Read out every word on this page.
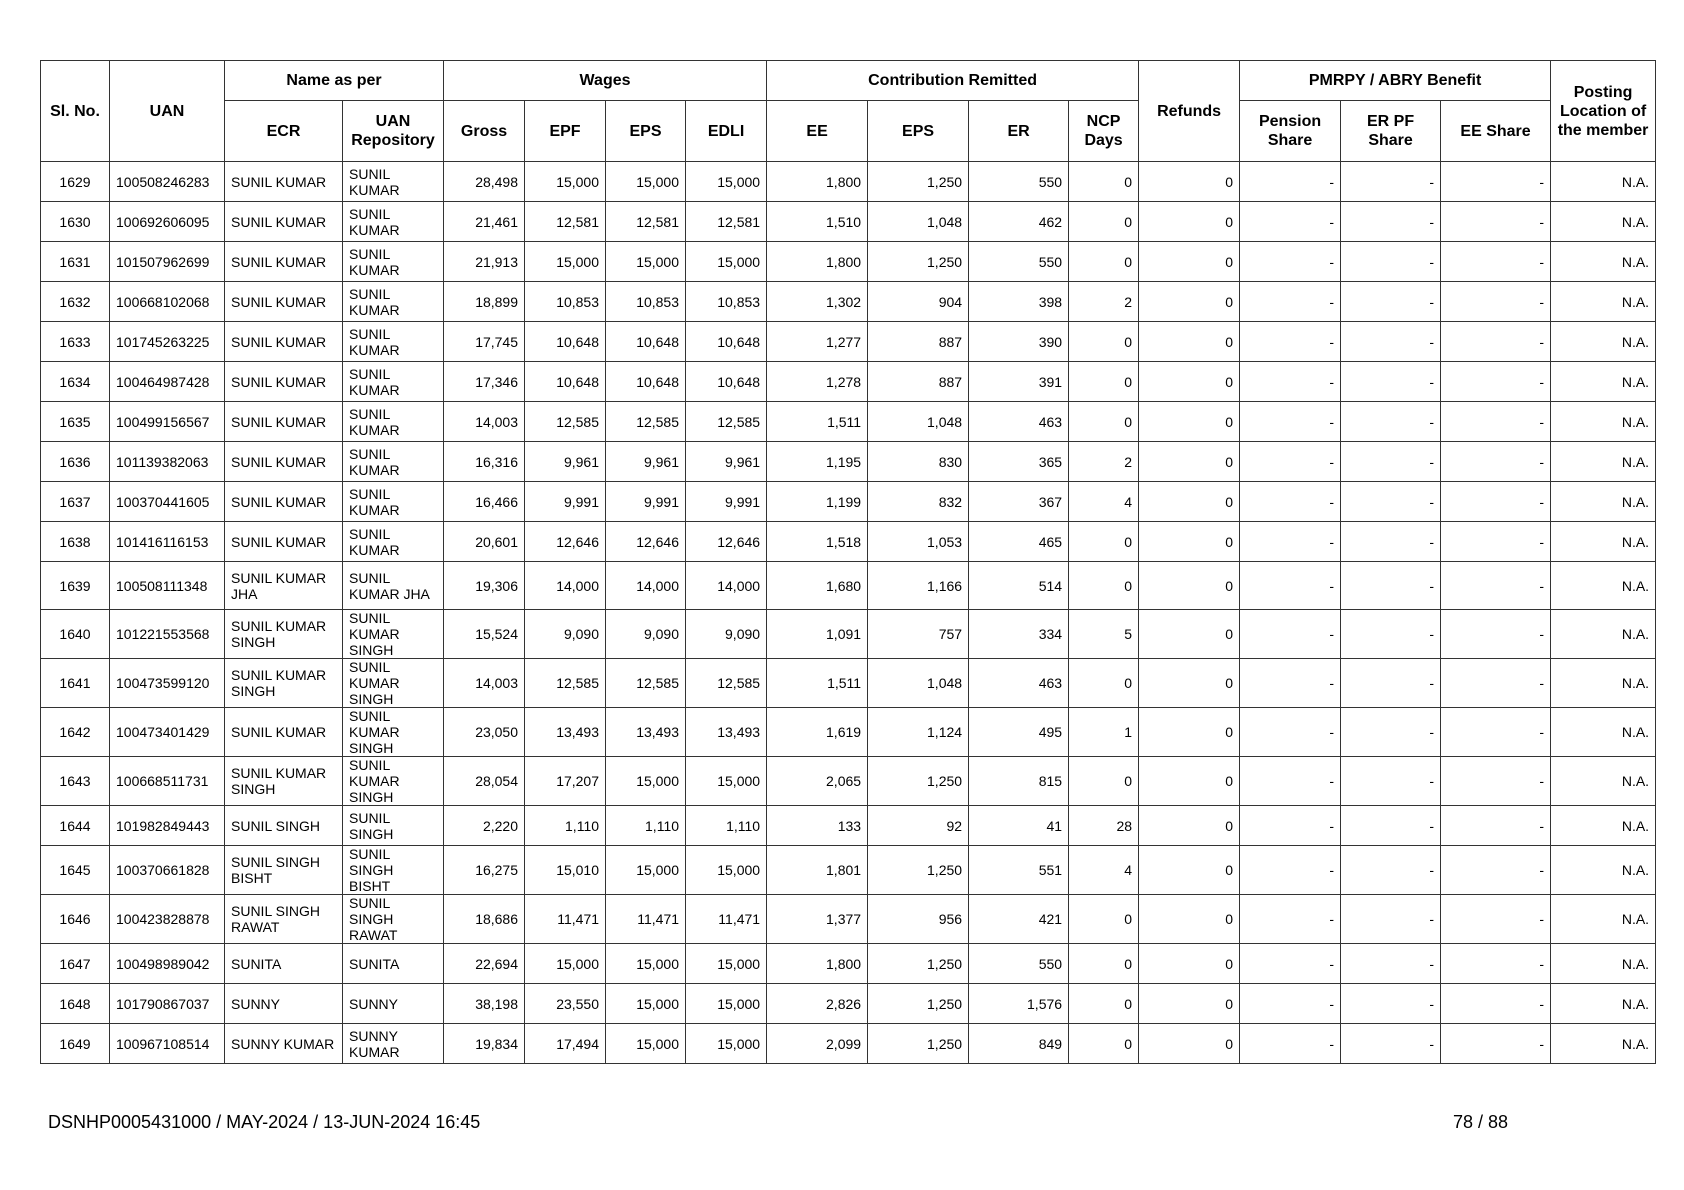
Sl. No.	UAN	Name as per		Wages				Contribution Remitted				Refunds	PMRPY / ABRY Benefit			Posting Location of the member
		ECR	UAN Repository	Gross	EPF	EPS	EDLI	EE	EPS	ER	NCP Days		Pension Share	ER PF Share	EE Share	
1629	100508246283	SUNIL KUMAR	SUNIL KUMAR	28,498	15,000	15,000	15,000	1,800	1,250	550	0	0	-	-	-	N.A.
1630	100692606095	SUNIL KUMAR	SUNIL KUMAR	21,461	12,581	12,581	12,581	1,510	1,048	462	0	0	-	-	-	N.A.
1631	101507962699	SUNIL KUMAR	SUNIL KUMAR	21,913	15,000	15,000	15,000	1,800	1,250	550	0	0	-	-	-	N.A.
1632	100668102068	SUNIL KUMAR	SUNIL KUMAR	18,899	10,853	10,853	10,853	1,302	904	398	2	0	-	-	-	N.A.
1633	101745263225	SUNIL KUMAR	SUNIL KUMAR	17,745	10,648	10,648	10,648	1,277	887	390	0	0	-	-	-	N.A.
1634	100464987428	SUNIL KUMAR	SUNIL KUMAR	17,346	10,648	10,648	10,648	1,278	887	391	0	0	-	-	-	N.A.
1635	100499156567	SUNIL KUMAR	SUNIL KUMAR	14,003	12,585	12,585	12,585	1,511	1,048	463	0	0	-	-	-	N.A.
1636	101139382063	SUNIL KUMAR	SUNIL KUMAR	16,316	9,961	9,961	9,961	1,195	830	365	2	0	-	-	-	N.A.
1637	100370441605	SUNIL KUMAR	SUNIL KUMAR	16,466	9,991	9,991	9,991	1,199	832	367	4	0	-	-	-	N.A.
1638	101416116153	SUNIL KUMAR	SUNIL KUMAR	20,601	12,646	12,646	12,646	1,518	1,053	465	0	0	-	-	-	N.A.
1639	100508111348	SUNIL KUMAR JHA	SUNIL KUMAR JHA	19,306	14,000	14,000	14,000	1,680	1,166	514	0	0	-	-	-	N.A.
1640	101221553568	SUNIL KUMAR SINGH	SUNIL KUMAR SINGH	15,524	9,090	9,090	9,090	1,091	757	334	5	0	-	-	-	N.A.
1641	100473599120	SUNIL KUMAR SINGH	SUNIL KUMAR SINGH	14,003	12,585	12,585	12,585	1,511	1,048	463	0	0	-	-	-	N.A.
1642	100473401429	SUNIL KUMAR	SUNIL KUMAR SINGH	23,050	13,493	13,493	13,493	1,619	1,124	495	1	0	-	-	-	N.A.
1643	100668511731	SUNIL KUMAR SINGH	SUNIL KUMAR SINGH	28,054	17,207	15,000	15,000	2,065	1,250	815	0	0	-	-	-	N.A.
1644	101982849443	SUNIL SINGH	SUNIL SINGH	2,220	1,110	1,110	1,110	133	92	41	28	0	-	-	-	N.A.
1645	100370661828	SUNIL SINGH BISHT	SUNIL SINGH BISHT	16,275	15,010	15,000	15,000	1,801	1,250	551	4	0	-	-	-	N.A.
1646	100423828878	SUNIL SINGH RAWAT	SUNIL SINGH RAWAT	18,686	11,471	11,471	11,471	1,377	956	421	0	0	-	-	-	N.A.
1647	100498989042	SUNITA	SUNITA	22,694	15,000	15,000	15,000	1,800	1,250	550	0	0	-	-	-	N.A.
1648	101790867037	SUNNY	SUNNY	38,198	23,550	15,000	15,000	2,826	1,250	1,576	0	0	-	-	-	N.A.
1649	100967108514	SUNNY KUMAR	SUNNY KUMAR	19,834	17,494	15,000	15,000	2,099	1,250	849	0	0	-	-	-	N.A.
DSNHP0005431000 / MAY-2024 / 13-JUN-2024 16:45	78 / 88
